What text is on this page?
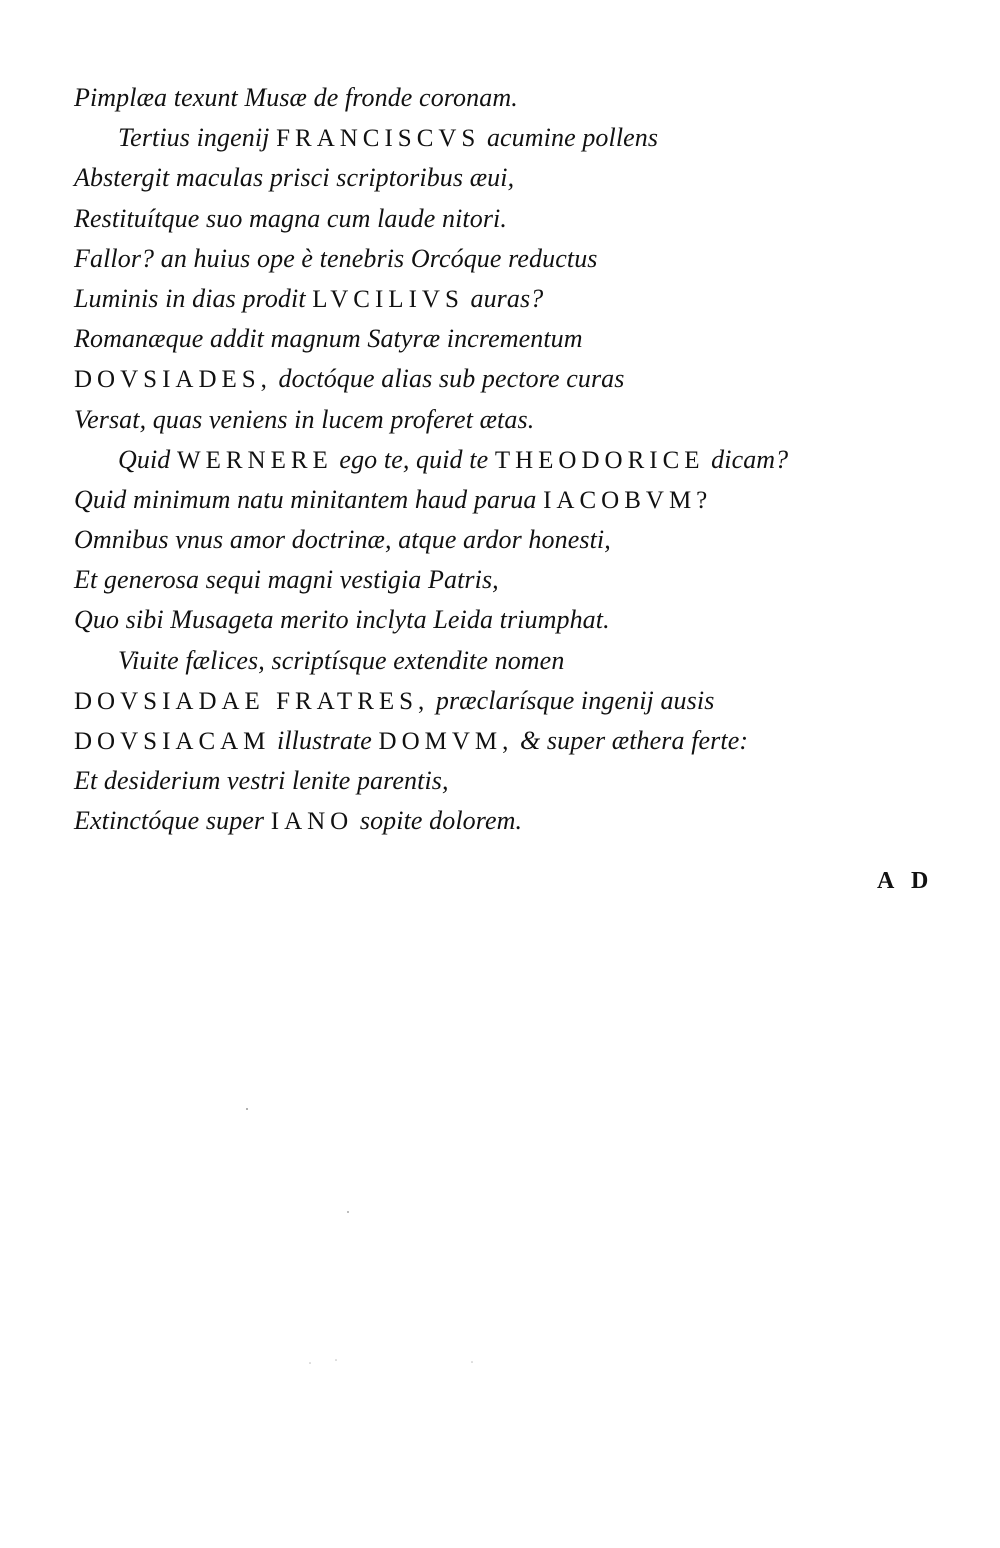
Pimplæa texunt Musæ de fronde coronam.
Tertius ingenij FRANCISCVS acumine pollens
Abstergit maculas prisci scriptoribus æui,
Restituítque suo magna cum laude nitori.
Fallor? an huius ope è tenebris Orcóque reductus
Luminis in dias prodit LVCILIVS auras?
Romanæque addit magnum Satyræ incrementum
DOVSIADES, doctóque alias sub pectore curas
Versat, quas veniens in lucem proferet ætas.
Quid WERNERE ego te, quid te THEODORICE dicam?
Quid minimum natu minitantem haud parua IACOBVM?
Omnibus vnus amor doctrinæ, atque ardor honesti,
Et generosa sequi magni vestigia Patris,
Quo sibi Musageta merito inclyta Leida triumphat.
Viuite fælices, scriptísque extendite nomen
DOVSIADAE FRATRES, præclarísque ingenij ausis
DOVSIACAM illustrate DOMVM, & super æthera ferte:
Et desiderium vestri lenite parentis,
Extinctóque super IANO sopite dolorem.
A D
